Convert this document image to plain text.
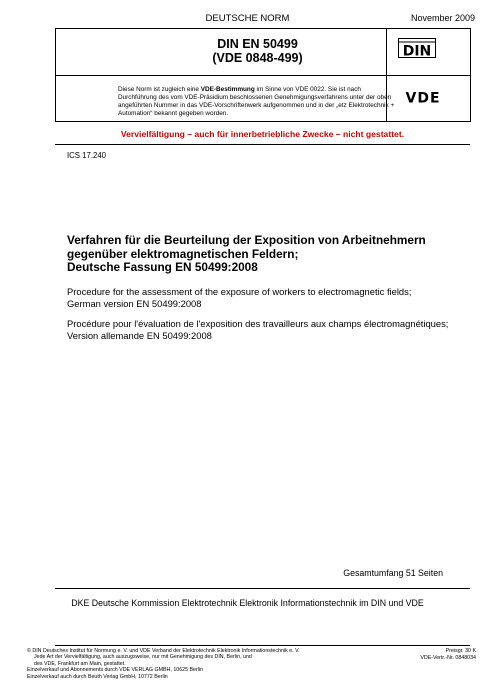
DEUTSCHE NORM	November 2009
DIN EN 50499
(VDE 0848-499)	DIN
VDE
Diese Norm ist zugleich eine VDE-Bestimmung im Sinne von VDE 0022. Sie ist nach Durchführung des vom VDE-Präsidium beschlossenen Genehmigungsverfahrens unter der oben angeführten Nummer in das VDE-Vorschriftenwerk aufgenommen und in der „etz Elektrotechnik + Automation“ bekannt gegeben worden.
Vervielfältigung – auch für innerbetriebliche Zwecke – nicht gestattet.
ICS 17.240
Verfahren für die Beurteilung der Exposition von Arbeitnehmern
gegenüber elektromagnetischen Feldern;
Deutsche Fassung EN 50499:2008
Procedure for the assessment of the exposure of workers to electromagnetic fields;
German version EN 50499:2008
Procédure pour l'évaluation de l'exposition des travailleurs aux champs électromagnétiques;
Version allemande EN 50499:2008
Gesamtumfang 51 Seiten
DKE Deutsche Kommission Elektrotechnik Elektronik Informationstechnik im DIN und VDE
© DIN Deutsches Institut für Normung e. V. und VDE Verband der Elektrotechnik Elektronik Informationstechnik e. V.
Jede Art der Vervielfältigung, auch auszugsweise, nur mit Genehmigung des DIN, Berlin, und
des VDE, Frankfurt am Main, gestattet.
Einzelverkauf und Abonnements durch VDE VERLAG GMBH, 10625 Berlin
Einzelverkauf auch durch Beuth Verlag GmbH, 10772 Berlin
Preisgr. 30 K
VDE-Vertr.-Nr. 0848034
